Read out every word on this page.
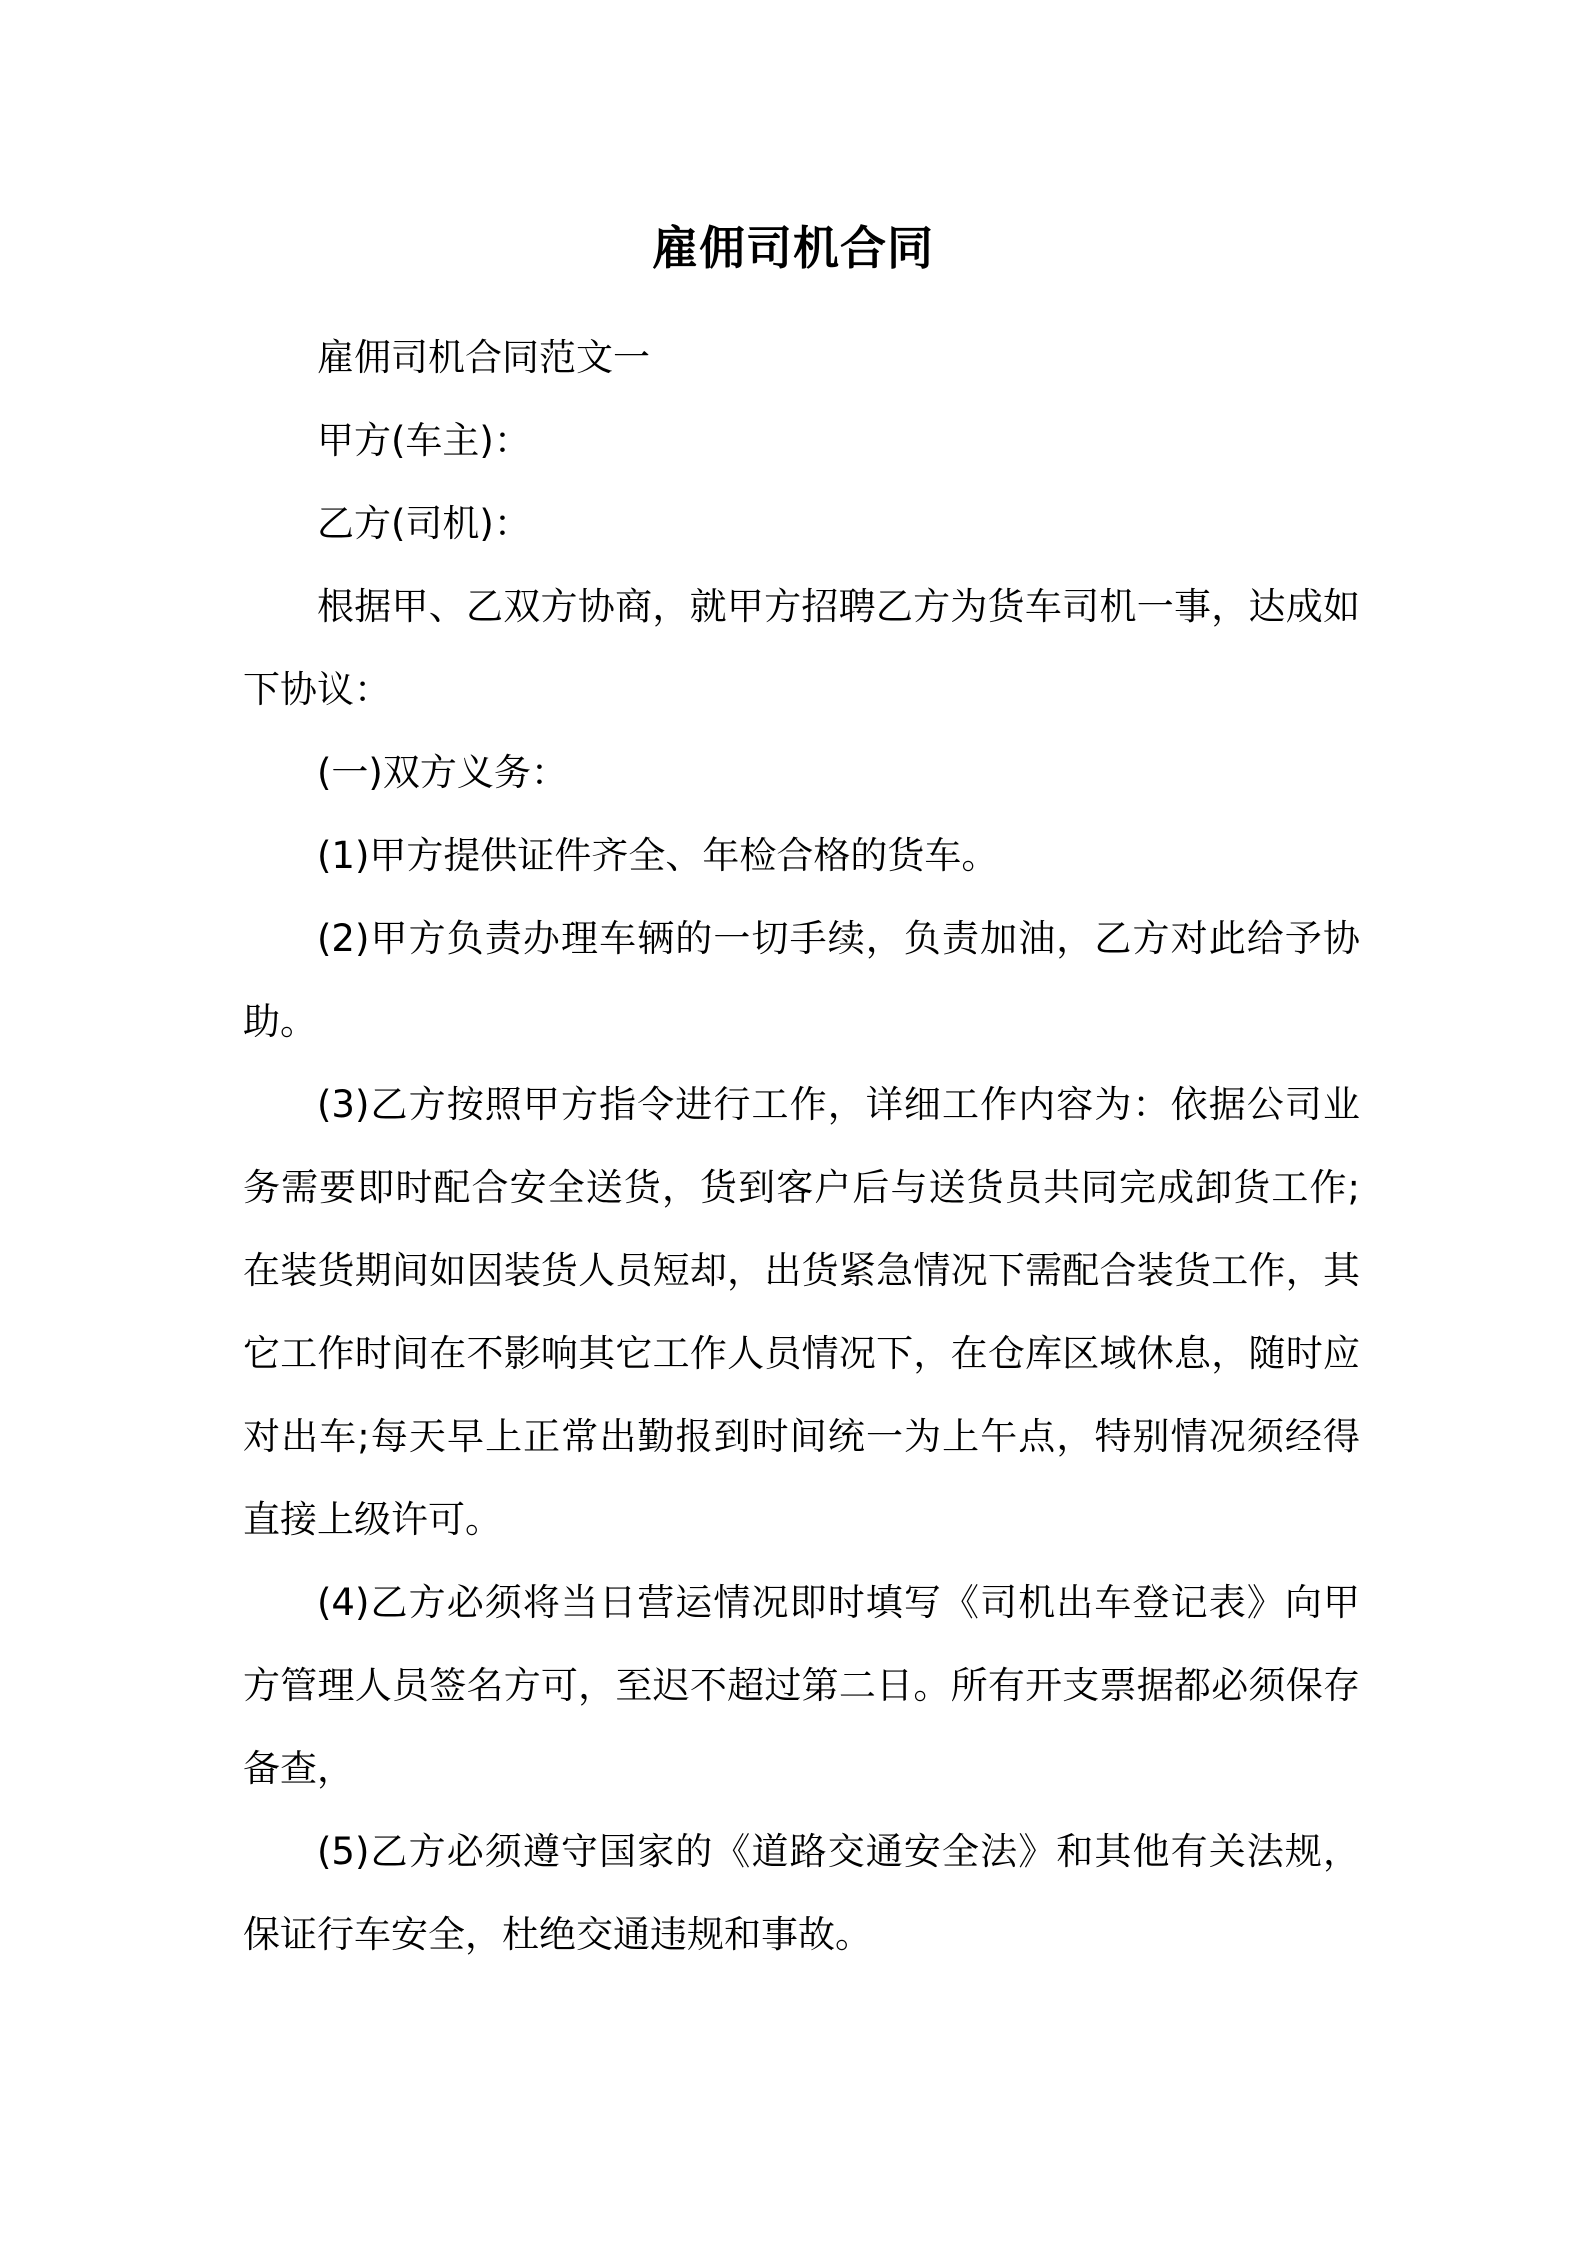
雇佣司机合同

雇佣司机合同范文一

甲方(车主)：

乙方(司机)：

根据甲、乙双方协商，就甲方招聘乙方为货车司机一事，达成如下协议：

(一)双方义务：

(1)甲方提供证件齐全、年检合格的货车。

(2)甲方负责办理车辆的一切手续，负责加油，乙方对此给予协助。

(3)乙方按照甲方指令进行工作，详细工作内容为：依据公司业务需要即时配合安全送货，货到客户后与送货员共同完成卸货工作;在装货期间如因装货人员短却，出货紧急情况下需配合装货工作，其它工作时间在不影响其它工作人员情况下，在仓库区域休息，随时应对出车;每天早上正常出勤报到时间统一为上午点，特别情况须经得直接上级许可。

(4)乙方必须将当日营运情况即时填写《司机出车登记表》向甲方管理人员签名方可，至迟不超过第二日。所有开支票据都必须保存备查，

(5)乙方必须遵守国家的《道路交通安全法》和其他有关法规，保证行车安全，杜绝交通违规和事故。
